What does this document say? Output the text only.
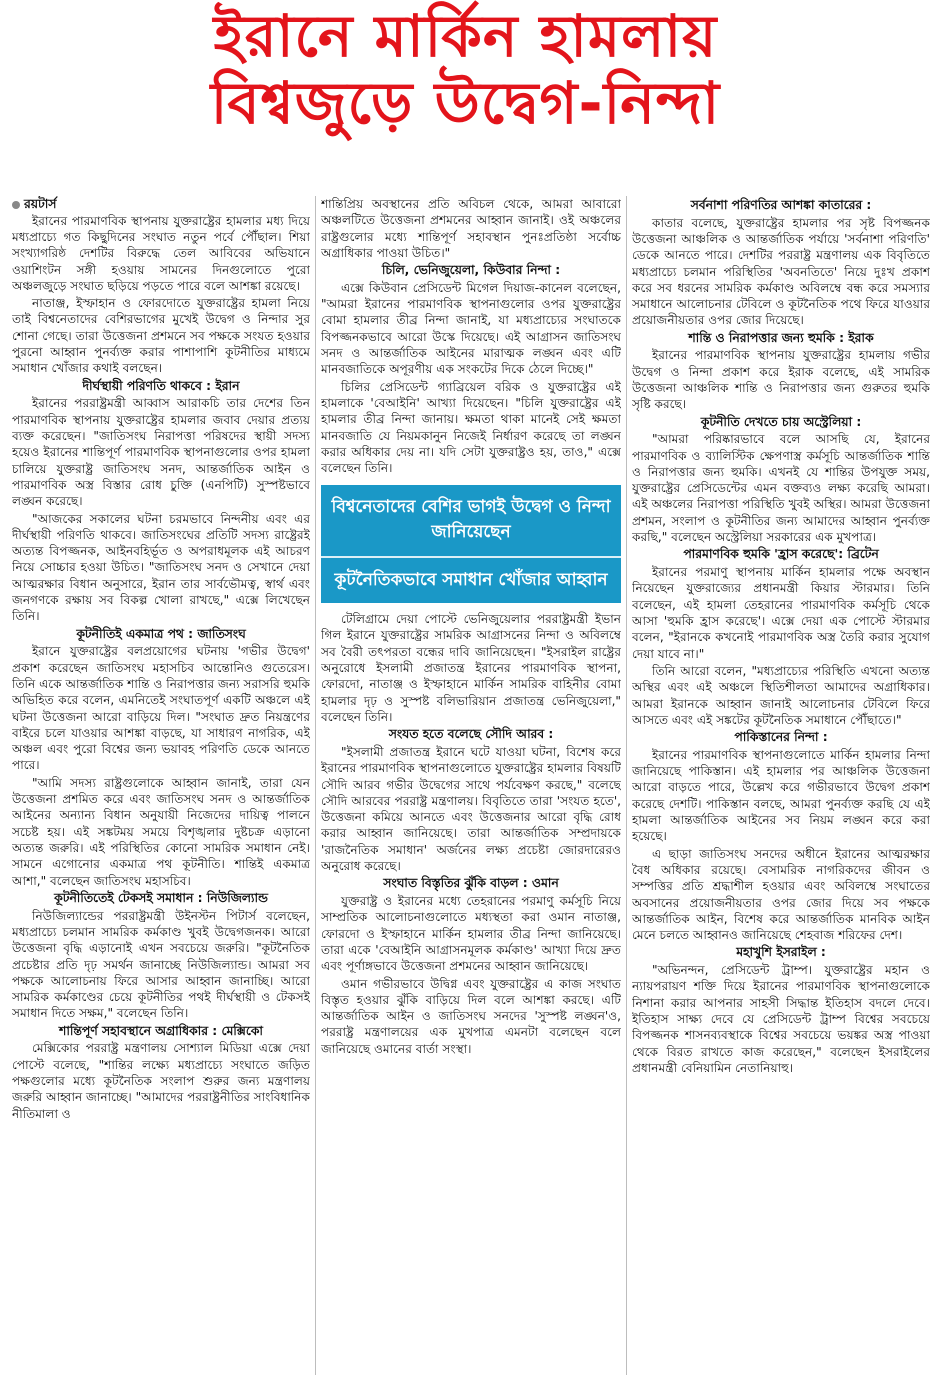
ইরানে মার্কিন হামলায়
বিশ্বজুড়ে উদ্বেগ-নিন্দা
রয়টার্স

ইরানের পারমাণবিক স্থাপনায় যুক্তরাষ্ট্রের হামলার মধ্য দিয়ে মধ্যপ্রাচ্যে গত কিছুদিনের সংঘাত নতুন পর্বে পৌঁছাল। শিয়া সংখ্যাগরিষ্ঠ দেশটির বিরুদ্ধে তেল আবিবের অভিযানে ওয়াশিংটন সঙ্গী হওয়ায় সামনের দিনগুলোতে পুরো অঞ্চলজুড়ে সংঘাত ছড়িয়ে পড়তে পারে বলে আশঙ্কা রয়েছে।

নাতাঞ্জ, ইস্ফাহান ও ফোরদোতে যুক্তরাষ্ট্রের হামলা নিয়ে তাই বিশ্বনেতাদের বেশিরভাগের মুখেই উদ্বেগ ও নিন্দার সুর শোনা গেছে। তারা উত্তেজনা প্রশমনে সব পক্ষকে সংযত হওয়ার পুরনো আহ্বান পুনর্ব্যক্ত করার পাশাপাশি কূটনীতির মাধ্যমে সমাধান খোঁজার কথাই বলছেন।

দীর্ঘস্থায়ী পরিণতি থাকবে : ইরান

ইরানের পররাষ্ট্রমন্ত্রী আব্বাস আরাকচি তার দেশের তিন পারমাণবিক স্থাপনায় যুক্তরাষ্ট্রের হামলার জবাব দেয়ার প্রত্যয় ব্যক্ত করেছেন। "জাতিসংঘ নিরাপত্তা পরিষদের স্থায়ী সদস্য হয়েও ইরানের শান্তিপূর্ণ পারমাণবিক স্থাপনাগুলোর ওপর হামলা চালিয়ে যুক্তরাষ্ট্র জাতিসংঘ সনদ, আন্তর্জাতিক আইন ও পারমাণবিক অস্ত্র বিস্তার রোধ চুক্তি (এনপিটি) সুস্পষ্টভাবে লঙ্ঘন করেছে।

"আজকের সকালের ঘটনা চরমভাবে নিন্দনীয় এবং এর দীর্ঘস্থায়ী পরিণতি থাকবে। জাতিসংঘের প্রতিটি সদস্য রাষ্ট্রেরই অত্যন্ত বিপজ্জনক, আইনবহির্ভূত ও অপরাধমূলক এই আচরণ নিয়ে সোচ্চার হওয়া উচিত। "জাতিসংঘ সনদ ও সেখানে দেয়া আত্মরক্ষার বিধান অনুসারে, ইরান তার সার্বভৌমত্ব, স্বার্থ এবং জনগণকে রক্ষায় সব বিকল্প খোলা রাখছে," এক্সে লিখেছেন তিনি।

কূটনীতিই একমাত্র পথ : জাতিসংঘ

ইরানে যুক্তরাষ্ট্রের বলপ্রয়োগের ঘটনায় 'গভীর উদ্বেগ' প্রকাশ করেছেন জাতিসংঘ মহাসচিব আন্তোনিও গুতেরেস। তিনি একে আন্তর্জাতিক শান্তি ও নিরাপত্তার জন্য সরাসরি হুমকি অভিহিত করে বলেন, এমনিতেই সংঘাতপূর্ণ একটি অঞ্চলে এই ঘটনা উত্তেজনা আরো বাড়িয়ে দিল। "সংঘাত দ্রুত নিয়ন্ত্রণের বাইরে চলে যাওয়ার আশঙ্কা বাড়ছে, যা সাধারণ নাগরিক, এই অঞ্চল এবং পুরো বিশ্বের জন্য ভয়াবহ পরিণতি ডেকে আনতে পারে।

"আমি সদস্য রাষ্ট্রগুলোকে আহ্বান জানাই, তারা যেন উত্তেজনা প্রশমিত করে এবং জাতিসংঘ সনদ ও আন্তর্জাতিক আইনের অন্যান্য বিধান অনুযায়ী নিজেদের দায়িত্ব পালনে সচেষ্ট হয়। এই সঙ্কটময় সময়ে বিশৃঙ্খলার দুষ্টচক্র এড়ানো অত্যন্ত জরুরি। এই পরিস্থিতির কোনো সামরিক সমাধান নেই। সামনে এগোনোর একমাত্র পথ কূটনীতি। শান্তিই একমাত্র আশা," বলেছেন জাতিসংঘ মহাসচিব।

কূটনীতিতেই টেকসই সমাধান : নিউজিল্যান্ড

নিউজিল্যান্ডের পররাষ্ট্রমন্ত্রী উইনস্টন পিটার্স বলেছেন, মধ্যপ্রাচ্যে চলমান সামরিক কর্মকাণ্ড খুবই উদ্বেগজনক। আরো উত্তেজনা বৃদ্ধি এড়ানোই এখন সবচেয়ে জরুরি। "কূটনৈতিক প্রচেষ্টার প্রতি দৃঢ় সমর্থন জানাচ্ছে নিউজিল্যান্ড। আমরা সব পক্ষকে আলোচনায় ফিরে আসার আহ্বান জানাচ্ছি। আরো সামরিক কর্মকাণ্ডের চেয়ে কূটনীতির পথই দীর্ঘস্থায়ী ও টেকসই সমাধান দিতে সক্ষম," বলেছেন তিনি।

শান্তিপূর্ণ সহাবস্থানে অগ্রাধিকার : মেক্সিকো

মেক্সিকোর পররাষ্ট্র মন্ত্রণালয় সোশ্যাল মিডিয়া এক্সে দেয়া পোস্টে বলেছে, "শান্তির লক্ষ্যে মধ্যপ্রাচ্যে সংঘাতে জড়িত পক্ষগুলোর মধ্যে কূটনৈতিক সংলাপ শুরুর জন্য মন্ত্রণালয় জরুরি আহ্বান জানাচ্ছে। "আমাদের পররাষ্ট্রনীতির সাংবিধানিক নীতিমালা ও

শান্তিপ্রিয় অবস্থানের প্রতি অবিচল থেকে, আমরা আবারো অঞ্চলটিতে উত্তেজনা প্রশমনের আহ্বান জানাই। ওই অঞ্চলের রাষ্ট্রগুলোর মধ্যে শান্তিপূর্ণ সহাবস্থান পুনঃপ্রতিষ্ঠা সর্বোচ্চ অগ্রাধিকার পাওয়া উচিত।"

চিলি, ভেনিজুয়েলা, কিউবার নিন্দা :

এক্সে কিউবান প্রেসিডেন্ট মিগেল দিয়াজ-কানেল বলেছেন, "আমরা ইরানের পারমাণবিক স্থাপনাগুলোর ওপর যুক্তরাষ্ট্রের বোমা হামলার তীব্র নিন্দা জানাই, যা মধ্যপ্রাচ্যের সংঘাতকে বিপজ্জনকভাবে আরো উস্কে দিয়েছে। এই আগ্রাসন জাতিসংঘ সনদ ও আন্তর্জাতিক আইনের মারাত্মক লঙ্ঘন এবং এটি মানবজাতিকে অপূরণীয় এক সংকটের দিকে ঠেলে দিচ্ছে।"

চিলির প্রেসিডেন্ট গ্যাব্রিয়েল বরিক ও যুক্তরাষ্ট্রের এই হামলাকে 'বেআইনি' আখ্যা দিয়েছেন। "চিলি যুক্তরাষ্ট্রের এই হামলার তীব্র নিন্দা জানায়। ক্ষমতা থাকা মানেই সেই ক্ষমতা মানবজাতি যে নিয়মকানুন নিজেই নির্ধারণ করেছে তা লঙ্ঘন করার অধিকার দেয় না। যদি সেটা যুক্তরাষ্ট্রও হয়, তাও," এক্সে বলেছেন তিনি।

বিশ্বনেতাদের বেশির ভাগই উদ্বেগ ও নিন্দা জানিয়েছেন
কূটনৈতিকভাবে সমাধান খোঁজার আহ্বান

টেলিগ্রামে দেয়া পোস্টে ভেনিজুয়েলার পররাষ্ট্রমন্ত্রী ইভান গিল ইরানে যুক্তরাষ্ট্রের সামরিক আগ্রাসনের নিন্দা ও অবিলম্বে সব বৈরী তৎপরতা বন্ধের দাবি জানিয়েছেন। "ইসরাইল রাষ্ট্রের অনুরোধে ইসলামী প্রজাতন্ত্র ইরানের পারমাণবিক স্থাপনা, ফোরদো, নাতাঞ্জ ও ইস্ফাহানে মার্কিন সামরিক বাহিনীর বোমা হামলার দৃঢ় ও সুস্পষ্ট বলিভারিয়ান প্রজাতন্ত্র ভেনিজুয়েলা," বলেছেন তিনি।

সংযত হতে বলেছে সৌদি আরব :

"ইসলামী প্রজাতন্ত্র ইরানে ঘটে যাওয়া ঘটনা, বিশেষ করে ইরানের পারমাণবিক স্থাপনাগুলোতে যুক্তরাষ্ট্রের হামলার বিষয়টি সৌদি আরব গভীর উদ্বেগের সাথে পর্যবেক্ষণ করছে," বলেছে সৌদি আরবের পররাষ্ট্র মন্ত্রণালয়। বিবৃতিতে তারা 'সংযত হতে', উত্তেজনা কমিয়ে আনতে এবং উত্তেজনার আরো বৃদ্ধি রোধ করার আহ্বান জানিয়েছে। তারা আন্তর্জাতিক সম্প্রদায়কে 'রাজনৈতিক সমাধান' অর্জনের লক্ষ্য প্রচেষ্টা জোরদারেরও অনুরোধ করেছে।

সংঘাত বিস্তৃতির ঝুঁকি বাড়ল : ওমান

যুক্তরাষ্ট্র ও ইরানের মধ্যে তেহরানের পরমাণু কর্মসূচি নিয়ে সাম্প্রতিক আলোচনাগুলোতে মধ্যস্থতা করা ওমান নাতাঞ্জ, ফোরদো ও ইস্ফাহানে মার্কিন হামলার তীব্র নিন্দা জানিয়েছে। তারা একে 'বেআইনি আগ্রাসনমূলক কর্মকাণ্ড' আখ্যা দিয়ে দ্রুত এবং পূর্ণাঙ্গভাবে উত্তেজনা প্রশমনের আহ্বান জানিয়েছে।

ওমান গভীরভাবে উদ্বিগ্ন এবং যুক্তরাষ্ট্রের এ কাজ সংঘাত বিস্তৃত হওয়ার ঝুঁকি বাড়িয়ে দিল বলে আশঙ্কা করছে। এটি আন্তর্জাতিক আইন ও জাতিসংঘ সনদের 'সুস্পষ্ট লঙ্ঘন'ও, পররাষ্ট্র মন্ত্রণালয়ের এক মুখপাত্র এমনটা বলেছেন বলে জানিয়েছে ওমানের বার্তা সংস্থা।

সর্বনাশা পরিণতির আশঙ্কা কাতারের :

কাতার বলেছে, যুক্তরাষ্ট্রের হামলার পর সৃষ্ট বিপজ্জনক উত্তেজনা আঞ্চলিক ও আন্তর্জাতিক পর্যায়ে 'সর্বনাশা পরিণতি' ডেকে আনতে পারে। দেশটির পররাষ্ট্র মন্ত্রণালয় এক বিবৃতিতে মধ্যপ্রাচ্যে চলমান পরিস্থিতির 'অবনতিতে' নিয়ে দুঃখ প্রকাশ করে সব ধরনের সামরিক কর্মকাণ্ড অবিলম্বে বন্ধ করে সমস্যার সমাধানে আলোচনার টেবিলে ও কূটনৈতিক পথে ফিরে যাওয়ার প্রয়োজনীয়তার ওপর জোর দিয়েছে।

শান্তি ও নিরাপত্তার জন্য হুমকি : ইরাক

ইরানের পারমাণবিক স্থাপনায় যুক্তরাষ্ট্রের হামলায় গভীর উদ্বেগ ও নিন্দা প্রকাশ করে ইরাক বলেছে, এই সামরিক উত্তেজনা আঞ্চলিক শান্তি ও নিরাপত্তার জন্য গুরুতর হুমকি সৃষ্টি করছে।

কূটনীতি দেখতে চায় অস্ট্রেলিয়া :

"আমরা পরিষ্কারভাবে বলে আসছি যে, ইরানের পারমাণবিক ও ব্যালিস্টিক ক্ষেপণাস্ত্র কর্মসূচি আন্তর্জাতিক শান্তি ও নিরাপত্তার জন্য হুমকি। এখনই যে শান্তির উপযুক্ত সময়, যুক্তরাষ্ট্রের প্রেসিডেন্টের এমন বক্তব্যও লক্ষ্য করেছি আমরা। এই অঞ্চলের নিরাপত্তা পরিস্থিতি খুবই অস্থির। আমরা উত্তেজনা প্রশমন, সংলাপ ও কূটনীতির জন্য আমাদের আহ্বান পুনর্ব্যক্ত করছি," বলেছেন অস্ট্রেলিয়া সরকারের এক মুখপাত্র।

পারমাণবিক হুমকি 'হ্রাস করেছে': ব্রিটেন

ইরানের পরমাণু স্থাপনায় মার্কিন হামলার পক্ষে অবস্থান নিয়েছেন যুক্তরাজ্যের প্রধানমন্ত্রী কিয়ার স্টারমার। তিনি বলেছেন, এই হামলা তেহরানের পারমাণবিক কর্মসূচি থেকে আসা 'হুমকি হ্রাস করেছে'। এক্সে দেয়া এক পোস্টে স্টারমার বলেন, "ইরানকে কখনোই পারমাণবিক অস্ত্র তৈরি করার সুযোগ দেয়া যাবে না।"

তিনি আরো বলেন, "মধ্যপ্রাচ্যের পরিস্থিতি এখনো অত্যন্ত অস্থির এবং এই অঞ্চলে স্থিতিশীলতা আমাদের অগ্রাধিকার। আমরা ইরানকে আহ্বান জানাই আলোচনার টেবিলে ফিরে আসতে এবং এই সঙ্কটের কূটনৈতিক সমাধানে পৌঁছাতে।"

পাকিস্তানের নিন্দা :

ইরানের পারমাণবিক স্থাপনাগুলোতে মার্কিন হামলার নিন্দা জানিয়েছে পাকিস্তান। এই হামলার পর আঞ্চলিক উত্তেজনা আরো বাড়তে পারে, উল্লেখ করে গভীরভাবে উদ্বেগ প্রকাশ করেছে দেশটি। পাকিস্তান বলছে, আমরা পুনর্ব্যক্ত করছি যে এই হামলা আন্তর্জাতিক আইনের সব নিয়ম লঙ্ঘন করে করা হয়েছে।

এ ছাড়া জাতিসংঘ সনদের অধীনে ইরানের আত্মরক্ষার বৈধ অধিকার রয়েছে। বেসামরিক নাগরিকদের জীবন ও সম্পত্তির প্রতি শ্রদ্ধাশীল হওয়ার এবং অবিলম্বে সংঘাতের অবসানের প্রয়োজনীয়তার ওপর জোর দিয়ে সব পক্ষকে আন্তর্জাতিক আইন, বিশেষ করে আন্তর্জাতিক মানবিক আইন মেনে চলতে আহ্বানও জানিয়েছে শেহবাজ শরিফের দেশ।

মহাখুশি ইসরাইল :

"অভিনন্দন, প্রেসিডেন্ট ট্রাম্প। যুক্তরাষ্ট্রের মহান ও ন্যায়পরায়ণ শক্তি দিয়ে ইরানের পারমাণবিক স্থাপনাগুলোকে নিশানা করার আপনার সাহসী সিদ্ধান্ত ইতিহাস বদলে দেবে। ইতিহাস সাক্ষ্য দেবে যে প্রেসিডেন্ট ট্রাম্প বিশ্বের সবচেয়ে বিপজ্জনক শাসনব্যবস্থাকে বিশ্বের সবচেয়ে ভয়ঙ্কর অস্ত্র পাওয়া থেকে বিরত রাখতে কাজ করেছেন," বলেছেন ইসরাইলের প্রধানমন্ত্রী বেনিয়ামিন নেতানিয়াহু।
